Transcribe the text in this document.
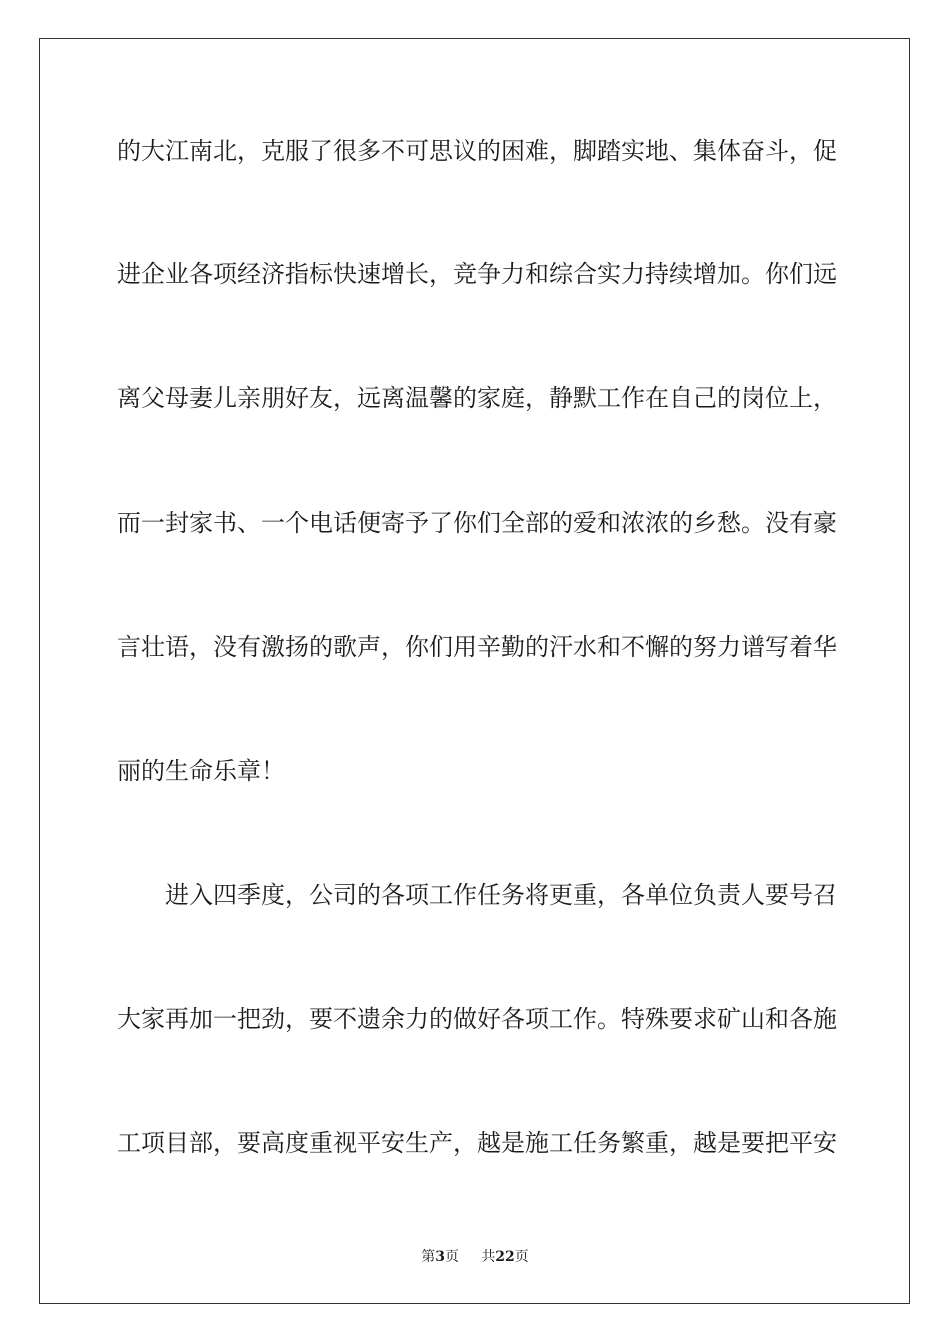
的大江南北，克服了很多不可思议的困难，脚踏实地、集体奋斗，促
进企业各项经济指标快速增长，竞争力和综合实力持续增加。你们远
离父母妻儿亲朋好友，远离温馨的家庭，静默工作在自己的岗位上，
而一封家书、一个电话便寄予了你们全部的爱和浓浓的乡愁。没有豪
言壮语，没有激扬的歌声，你们用辛勤的汗水和不懈的努力谱写着华
丽的生命乐章！
进入四季度，公司的各项工作任务将更重，各单位负责人要号召
大家再加一把劲，要不遗余力的做好各项工作。特殊要求矿山和各施
工项目部，要高度重视平安生产，越是施工任务繁重，越是要把平安
第3页 共22页
